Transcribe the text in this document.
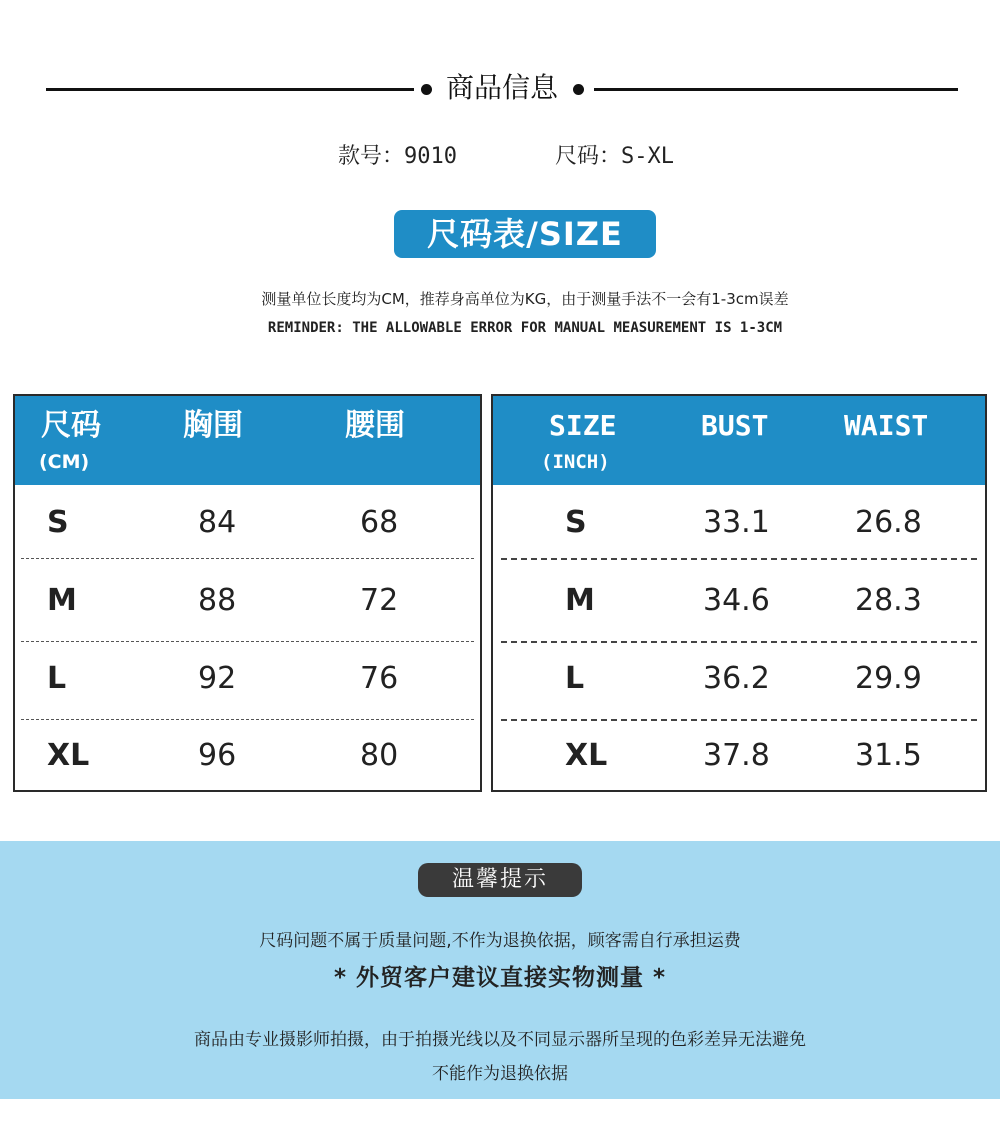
商品信息
款号：9010	尺码：S-XL
尺码表/SIZE
测量单位长度均为CM，推荐身高单位为KG，由于测量手法不一会有1-3cm误差
REMINDER: THE ALLOWABLE ERROR FOR MANUAL MEASUREMENT IS 1-3CM
尺码
(CM)
胸围	腰围
S	84	68
M	88	72
L	92	76
XL	96	80
SIZE
(INCH)
BUST	WAIST
S	33.1	26.8
M	34.6	28.3
L	36.2	29.9
XL	37.8	31.5
温馨提示
尺码问题不属于质量问题,不作为退换依据，顾客需自行承担运费
* 外贸客户建议直接实物测量 *
商品由专业摄影师拍摄，由于拍摄光线以及不同显示器所呈现的色彩差异无法避免
不能作为退换依据
